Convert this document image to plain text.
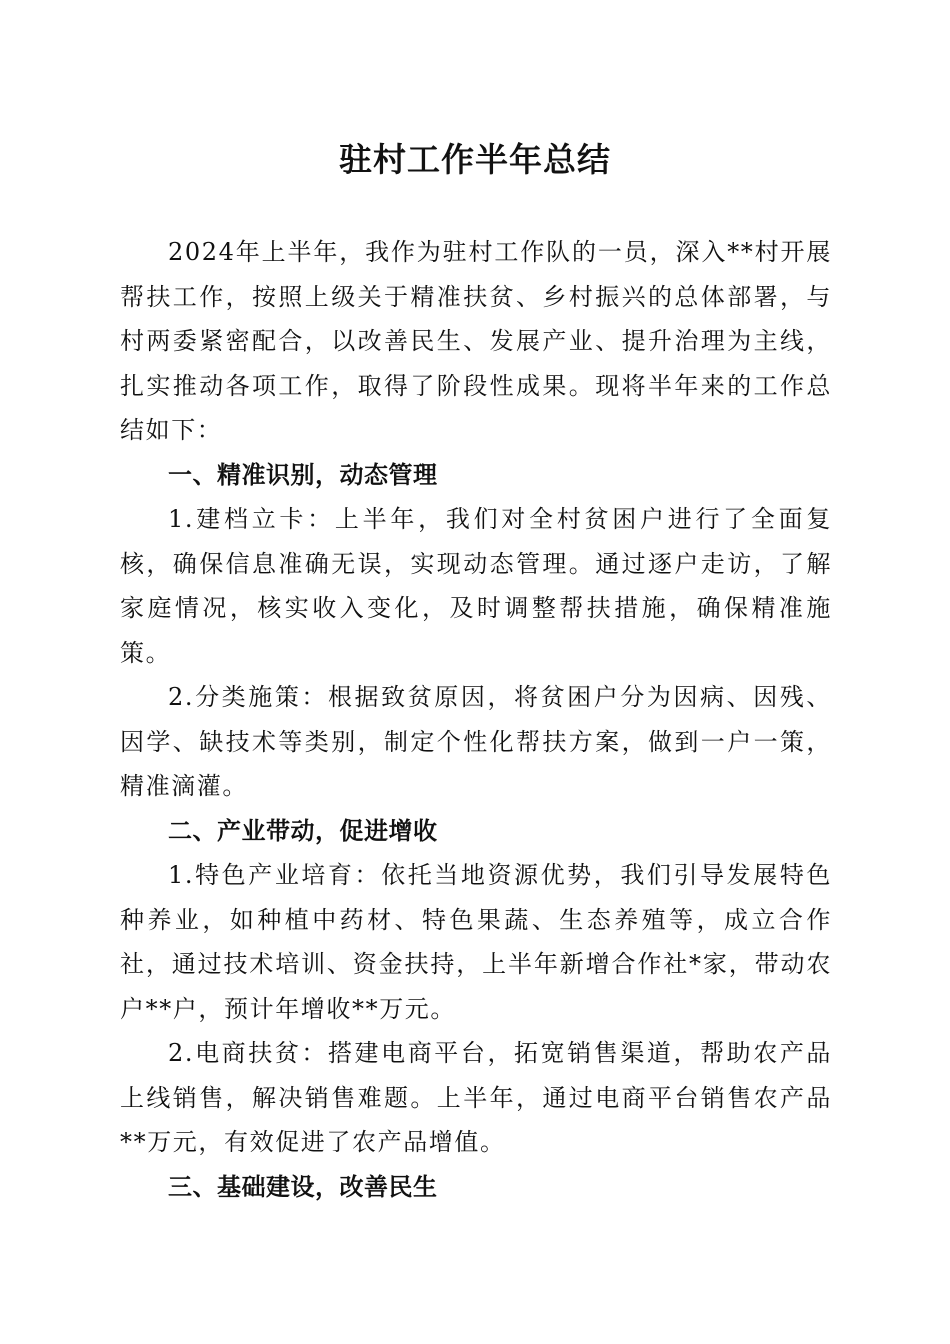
驻村工作半年总结

2024年上半年，我作为驻村工作队的一员，深入**村开展帮扶工作，按照上级关于精准扶贫、乡村振兴的总体部署，与村两委紧密配合，以改善民生、发展产业、提升治理为主线，扎实推动各项工作，取得了阶段性成果。现将半年来的工作总结如下：

一、精准识别，动态管理

1.建档立卡：上半年，我们对全村贫困户进行了全面复核，确保信息准确无误，实现动态管理。通过逐户走访，了解家庭情况，核实收入变化，及时调整帮扶措施，确保精准施策。

2.分类施策：根据致贫原因，将贫困户分为因病、因残、因学、缺技术等类别，制定个性化帮扶方案，做到一户一策，精准滴灌。

二、产业带动，促进增收

1.特色产业培育：依托当地资源优势，我们引导发展特色种养业，如种植中药材、特色果蔬、生态养殖等，成立合作社，通过技术培训、资金扶持，上半年新增合作社*家，带动农户**户，预计年增收**万元。

2.电商扶贫：搭建电商平台，拓宽销售渠道，帮助农产品上线销售，解决销售难题。上半年，通过电商平台销售农产品**万元，有效促进了农产品增值。

三、基础建设，改善民生
